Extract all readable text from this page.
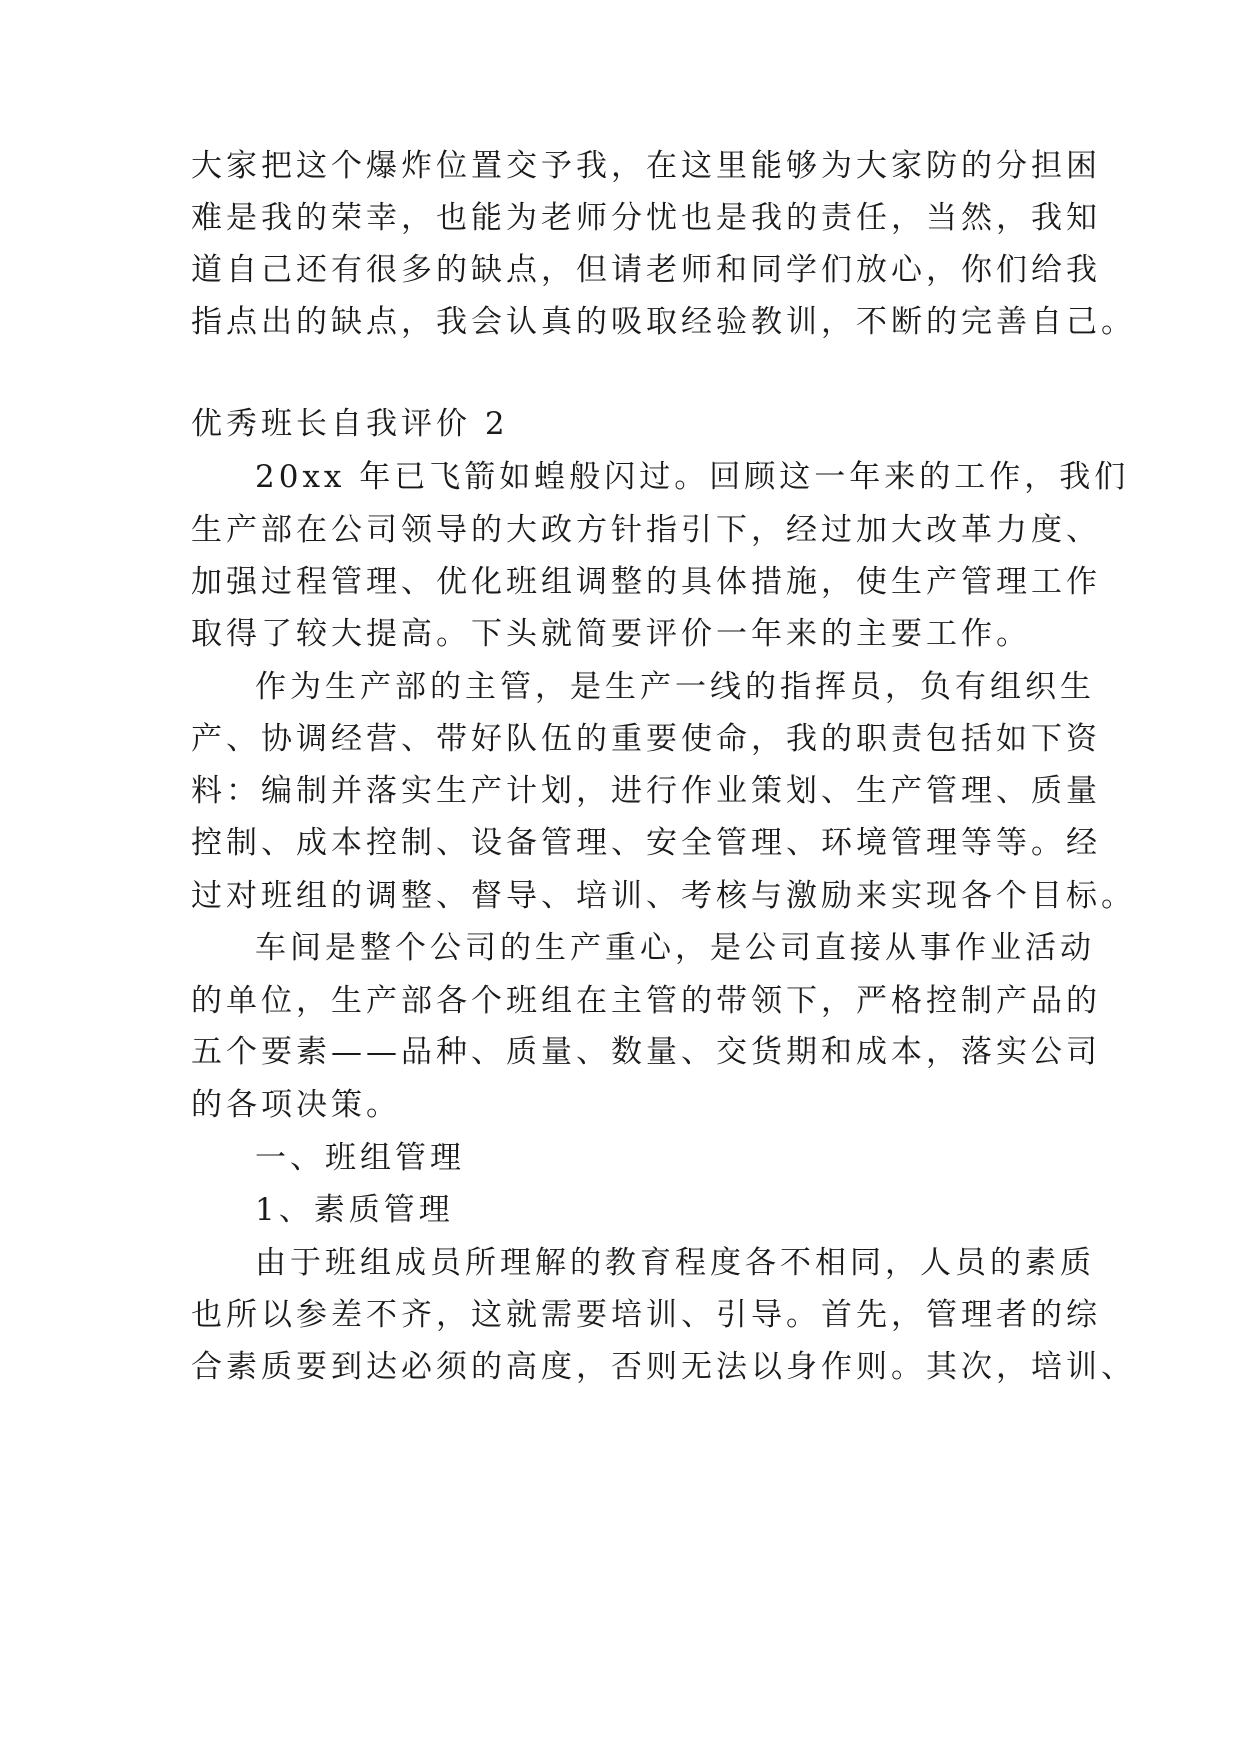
大家把这个爆炸位置交予我，在这里能够为大家防的分担困
难是我的荣幸，也能为老师分忧也是我的责任，当然，我知
道自己还有很多的缺点，但请老师和同学们放心，你们给我
指点出的缺点，我会认真的吸取经验教训，不断的完善自己。
优秀班长自我评价 2
20xx 年已飞箭如蝗般闪过。回顾这一年来的工作，我们
生产部在公司领导的大政方针指引下，经过加大改革力度、
加强过程管理、优化班组调整的具体措施，使生产管理工作
取得了较大提高。下头就简要评价一年来的主要工作。
作为生产部的主管，是生产一线的指挥员，负有组织生
产、协调经营、带好队伍的重要使命，我的职责包括如下资
料：编制并落实生产计划，进行作业策划、生产管理、质量
控制、成本控制、设备管理、安全管理、环境管理等等。经
过对班组的调整、督导、培训、考核与激励来实现各个目标。
车间是整个公司的生产重心，是公司直接从事作业活动
的单位，生产部各个班组在主管的带领下，严格控制产品的
五个要素——品种、质量、数量、交货期和成本，落实公司
的各项决策。
一、班组管理
1、素质管理
由于班组成员所理解的教育程度各不相同，人员的素质
也所以参差不齐，这就需要培训、引导。首先，管理者的综
合素质要到达必须的高度，否则无法以身作则。其次，培训、
